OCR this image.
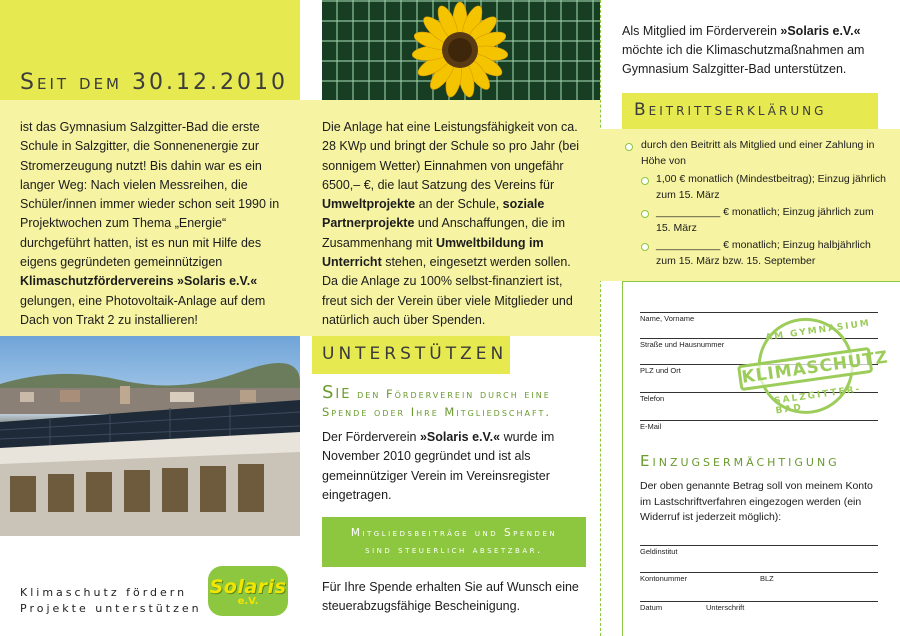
Seit dem 30.12.2010

ist das Gymnasium Salzgitter-Bad die erste Schule in Salzgitter, die Sonnenenergie zur Stromerzeugung nutzt! Bis dahin war es ein langer Weg: Nach vielen Messreihen, die Schüler/innen immer wieder schon seit 1990 in Projektwochen zum Thema „Energie“ durchgeführt hatten, ist es nun mit Hilfe des eigens gegründeten gemeinnützigen Klimaschutzfördervereins »Solaris e.V.« gelungen, eine Photovoltaik-Anlage auf dem Dach von Trakt 2 zu installieren!

Klimaschutz fördern
Projekte unterstützen
Solaris
e.V.

Die Anlage hat eine Leistungsfähigkeit von ca. 28 KWp und bringt der Schule so pro Jahr (bei sonnigem Wetter) Einnahmen von ungefähr 6500,– €, die laut Satzung des Vereins für Umweltprojekte an der Schule, soziale Partnerprojekte und Anschaffungen, die im Zusammenhang mit Umweltbildung im Unterricht stehen, eingesetzt werden sollen. Da die Anlage zu 100% selbst-finanziert ist, freut sich der Verein über viele Mitglieder und natürlich auch über Spenden.

UNTERSTÜTZEN
Sie den Förderverein durch eine Spende oder Ihre Mitgliedschaft.

Der Förderverein »Solaris e.V.« wurde im November 2010 gegründet und ist als gemeinnütziger Verein im Vereinsregister eingetragen.

Mitgliedsbeiträge und Spenden
sind steuerlich absetzbar.

Für Ihre Spende erhalten Sie auf Wunsch eine steuerabzugsfähige Bescheinigung.

Als Mitglied im Förderverein »Solaris e.V.« möchte ich die Klimaschutzmaßnahmen am Gymnasium Salzgitter-Bad unterstützen.

Beitrittserklärung
durch den Beitritt als Mitglied und einer Zahlung in Höhe von
1,00 € monatlich (Mindestbeitrag); Einzug jährlich zum 15. März
___________ € monatlich; Einzug jährlich zum 15. März
___________ € monatlich; Einzug halbjährlich zum 15. März bzw. 15. September
Name, Vorname
Straße und Hausnummer
PLZ und Ort
Telefon
E-Mail
AM GYMNASIUM
KLIMASCHUTZ
SALZGITTER-BAD
Einzugsermächtigung

Der oben genannte Betrag soll von meinem Konto im Lastschriftverfahren eingezogen werden (ein Widerruf ist jederzeit möglich):

Geldinstitut
Kontonummer	BLZ
Datum	Unterschrift
